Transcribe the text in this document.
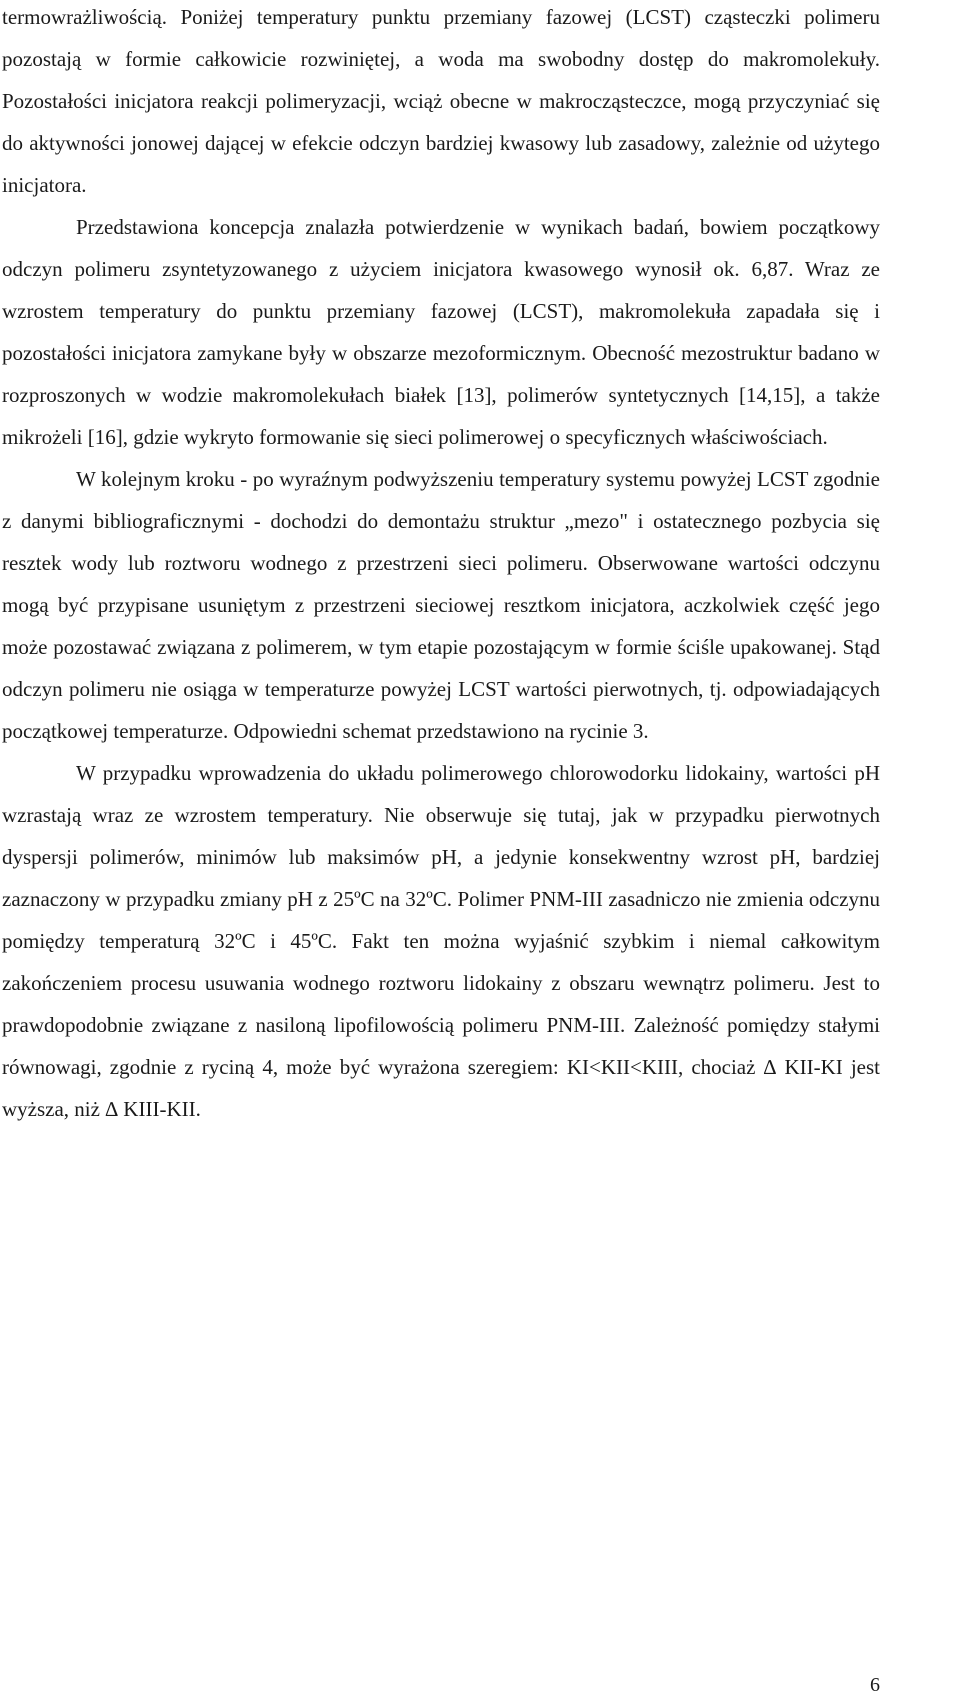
termowrażliwością. Poniżej temperatury punktu przemiany fazowej (LCST) cząsteczki polimeru pozostają w formie całkowicie rozwiniętej, a woda ma swobodny dostęp do makromolekuły. Pozostałości inicjatora reakcji polimeryzacji, wciąż obecne w makrocząsteczce, mogą przyczyniać się do aktywności jonowej dającej w efekcie odczyn bardziej kwasowy lub zasadowy, zależnie od użytego inicjatora.

Przedstawiona koncepcja znalazła potwierdzenie w wynikach badań, bowiem początkowy odczyn polimeru zsyntetyzowanego z użyciem inicjatora kwasowego wynosił ok. 6,87. Wraz ze wzrostem temperatury do punktu przemiany fazowej (LCST), makromolekuła zapadała się i pozostałości inicjatora zamykane były w obszarze mezoformicznym. Obecność mezostruktur badano w rozproszonych w wodzie makromolekułach białek [13], polimerów syntetycznych [14,15], a także mikrożeli [16], gdzie wykryto formowanie się sieci polimerowej o specyficznych właściwościach.

W kolejnym kroku - po wyraźnym podwyższeniu temperatury systemu powyżej LCST zgodnie z danymi bibliograficznymi - dochodzi do demontażu struktur „mezo" i ostatecznego pozbycia się resztek wody lub roztworu wodnego z przestrzeni sieci polimeru. Obserwowane wartości odczynu mogą być przypisane usuniętym z przestrzeni sieciowej resztkom inicjatora, aczkolwiek część jego może pozostawać związana z polimerem, w tym etapie pozostającym w formie ściśle upakowanej. Stąd odczyn polimeru nie osiąga w temperaturze powyżej LCST wartości pierwotnych, tj. odpowiadających początkowej temperaturze. Odpowiedni schemat przedstawiono na rycinie 3.

W przypadku wprowadzenia do układu polimerowego chlorowodorku lidokainy, wartości pH wzrastają wraz ze wzrostem temperatury. Nie obserwuje się tutaj, jak w przypadku pierwotnych dyspersji polimerów, minimów lub maksimów pH, a jedynie konsekwentny wzrost pH, bardziej zaznaczony w przypadku zmiany pH z 25ºC na 32ºC. Polimer PNM-III zasadniczo nie zmienia odczynu pomiędzy temperaturą 32ºC i 45ºC. Fakt ten można wyjaśnić szybkim i niemal całkowitym zakończeniem procesu usuwania wodnego roztworu lidokainy z obszaru wewnątrz polimeru. Jest to prawdopodobnie związane z nasiloną lipofilowością polimeru PNM-III. Zależność pomiędzy stałymi równowagi, zgodnie z ryciną 4, może być wyrażona szeregiem: KI<KII<KIII, chociaż ∆ KII-KI jest wyższa, niż ∆ KIII-KII.

6
